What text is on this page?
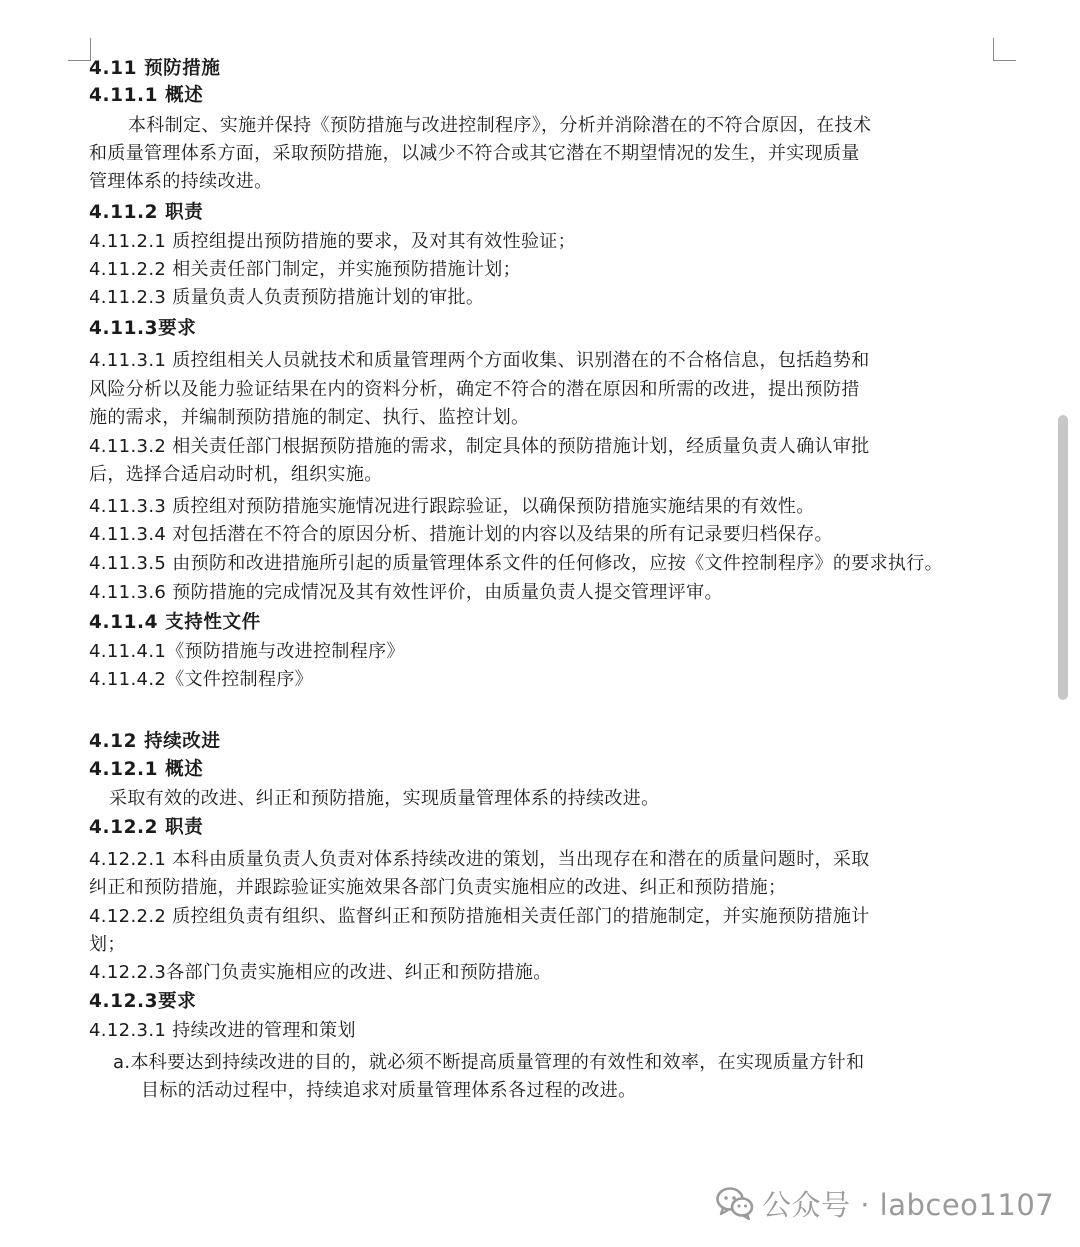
4.11 预防措施
4.11.1 概述
本科制定、实施并保持《预防措施与改进控制程序》，分析并消除潜在的不符合原因，在技术
和质量管理体系方面，采取预防措施，以减少不符合或其它潜在不期望情况的发生，并实现质量
管理体系的持续改进。
4.11.2 职责
4.11.2.1 质控组提出预防措施的要求，及对其有效性验证；
4.11.2.2 相关责任部门制定，并实施预防措施计划；
4.11.2.3 质量负责人负责预防措施计划的审批。
4.11.3要求
4.11.3.1 质控组相关人员就技术和质量管理两个方面收集、识别潜在的不合格信息，包括趋势和
风险分析以及能力验证结果在内的资料分析，确定不符合的潜在原因和所需的改进，提出预防措
施的需求，并编制预防措施的制定、执行、监控计划。
4.11.3.2 相关责任部门根据预防措施的需求，制定具体的预防措施计划，经质量负责人确认审批
后，选择合适启动时机，组织实施。
4.11.3.3 质控组对预防措施实施情况进行跟踪验证，以确保预防措施实施结果的有效性。
4.11.3.4 对包括潜在不符合的原因分析、措施计划的内容以及结果的所有记录要归档保存。
4.11.3.5 由预防和改进措施所引起的质量管理体系文件的任何修改，应按《文件控制程序》的要求执行。
4.11.3.6 预防措施的完成情况及其有效性评价，由质量负责人提交管理评审。
4.11.4 支持性文件
4.11.4.1《预防措施与改进控制程序》
4.11.4.2《文件控制程序》
4.12 持续改进
4.12.1 概述
采取有效的改进、纠正和预防措施，实现质量管理体系的持续改进。
4.12.2 职责
4.12.2.1 本科由质量负责人负责对体系持续改进的策划，当出现存在和潜在的质量问题时，采取
纠正和预防措施，并跟踪验证实施效果各部门负责实施相应的改进、纠正和预防措施；
4.12.2.2 质控组负责有组织、监督纠正和预防措施相关责任部门的措施制定，并实施预防措施计
划；
4.12.2.3各部门负责实施相应的改进、纠正和预防措施。
4.12.3要求
4.12.3.1 持续改进的管理和策划
a.本科要达到持续改进的目的，就必须不断提高质量管理的有效性和效率，在实现质量方针和
目标的活动过程中，持续追求对质量管理体系各过程的改进。
公众号 · labceo1107
